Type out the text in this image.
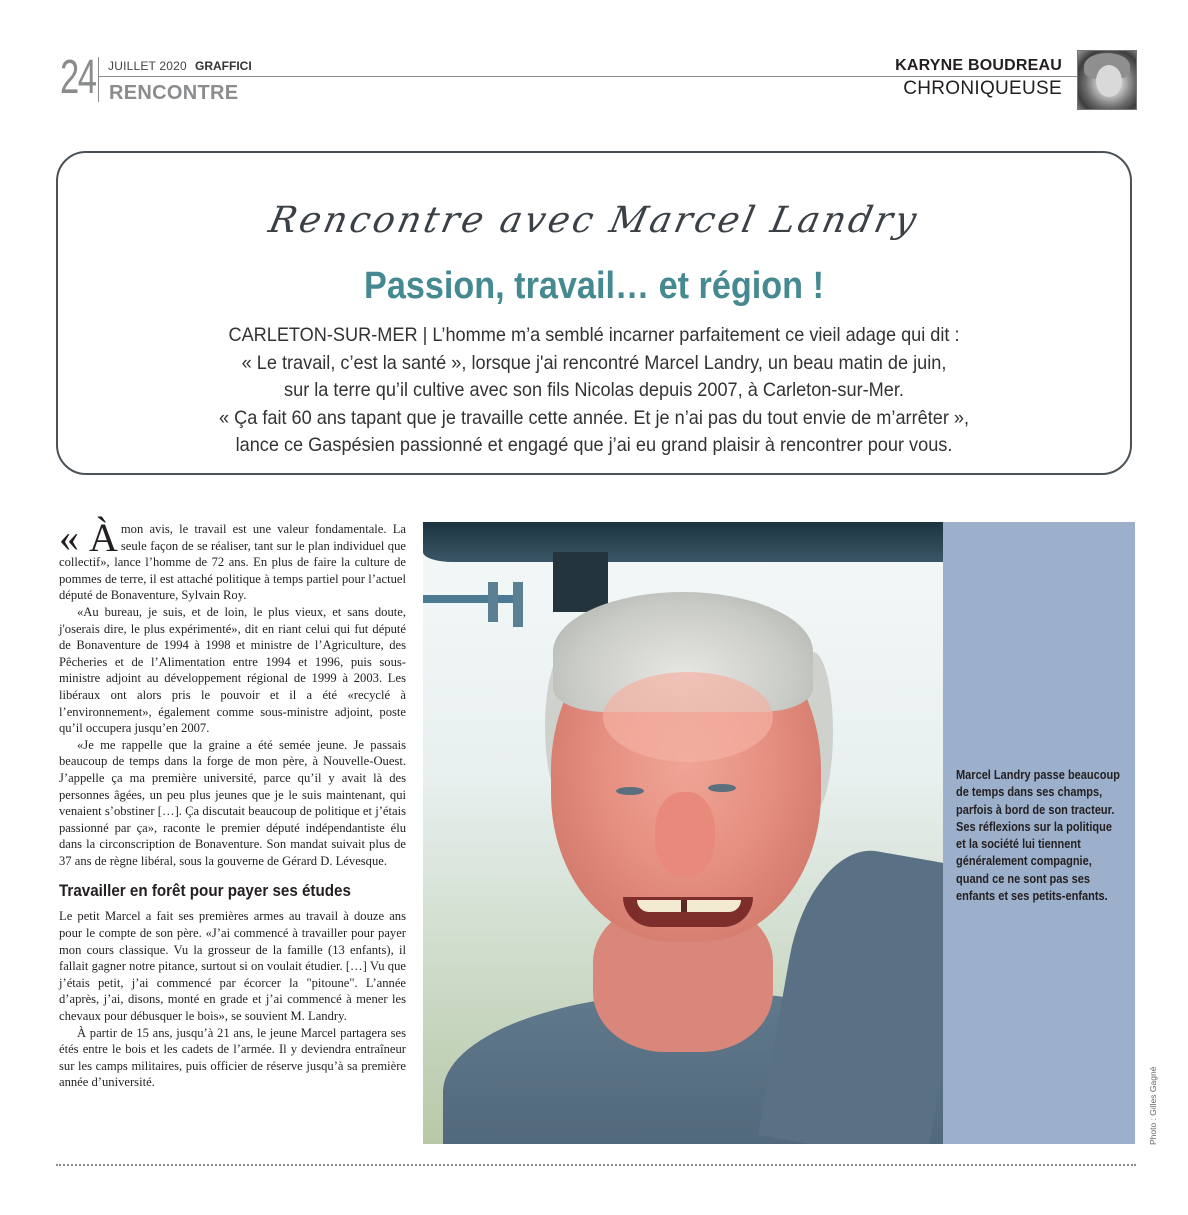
24 JUILLET 2020 GRAFFICI
RENCONTRE
KARYNE BOUDREAU
CHRONIQUEUSE
Rencontre avec Marcel Landry
Passion, travail… et région !

CARLETON-SUR-MER | L’homme m’a semblé incarner parfaitement ce vieil adage qui dit :

« Le travail, c’est la santé », lorsque j'ai rencontré Marcel Landry, un beau matin de juin,

sur la terre qu’il cultive avec son fils Nicolas depuis 2007, à Carleton-sur-Mer.

« Ça fait 60 ans tapant que je travaille cette année. Et je n’ai pas du tout envie de m’arrêter »,

lance ce Gaspésien passionné et engagé que j’ai eu grand plaisir à rencontrer pour vous.

« À mon avis, le travail est une valeur fondamentale. La seule façon de se réaliser, tant sur le plan individuel que collectif», lance l’homme de 72 ans. En plus de faire la culture de pommes de terre, il est attaché politique à temps partiel pour l’actuel député de Bonaventure, Sylvain Roy.

«Au bureau, je suis, et de loin, le plus vieux, et sans doute, j'oserais dire, le plus expérimenté», dit en riant celui qui fut député de Bonaventure de 1994 à 1998 et ministre de l’Agriculture, des Pêcheries et de l’Alimentation entre 1994 et 1996, puis sous-ministre adjoint au développement régional de 1999 à 2003. Les libéraux ont alors pris le pouvoir et il a été «recyclé à l’environnement», également comme sous-ministre adjoint, poste qu’il occupera jusqu’en 2007.

«Je me rappelle que la graine a été semée jeune. Je passais beaucoup de temps dans la forge de mon père, à Nouvelle-Ouest. J’appelle ça ma première université, parce qu’il y avait là des personnes âgées, un peu plus jeunes que je le suis maintenant, qui venaient s’obstiner […]. Ça discutait beaucoup de politique et j’étais passionné par ça», raconte le premier député indépendantiste élu dans la circonscription de Bonaventure. Son mandat suivait plus de 37 ans de règne libéral, sous la gouverne de Gérard D. Lévesque.

Travailler en forêt pour payer ses études

Le petit Marcel a fait ses premières armes au travail à douze ans pour le compte de son père. «J’ai commencé à travailler pour payer mon cours classique. Vu la grosseur de la famille (13 enfants), il fallait gagner notre pitance, surtout si on voulait étudier. […] Vu que j’étais petit, j’ai commencé par écorcer la "pitoune". L’année d’après, j’ai, disons, monté en grade et j’ai commencé à mener les chevaux pour débusquer le bois», se souvient M. Landry.

À partir de 15 ans, jusqu’à 21 ans, le jeune Marcel partagera ses étés entre le bois et les cadets de l’armée. Il y deviendra entraîneur sur les camps militaires, puis officier de réserve jusqu’à sa première année d’université.

Marcel Landry passe beaucoup
de temps dans ses champs,
parfois à bord de son tracteur.
Ses réflexions sur la politique
et la société lui tiennent
généralement compagnie,
quand ce ne sont pas ses
enfants et ses petits-enfants.
Photo : Gilles Gagné
